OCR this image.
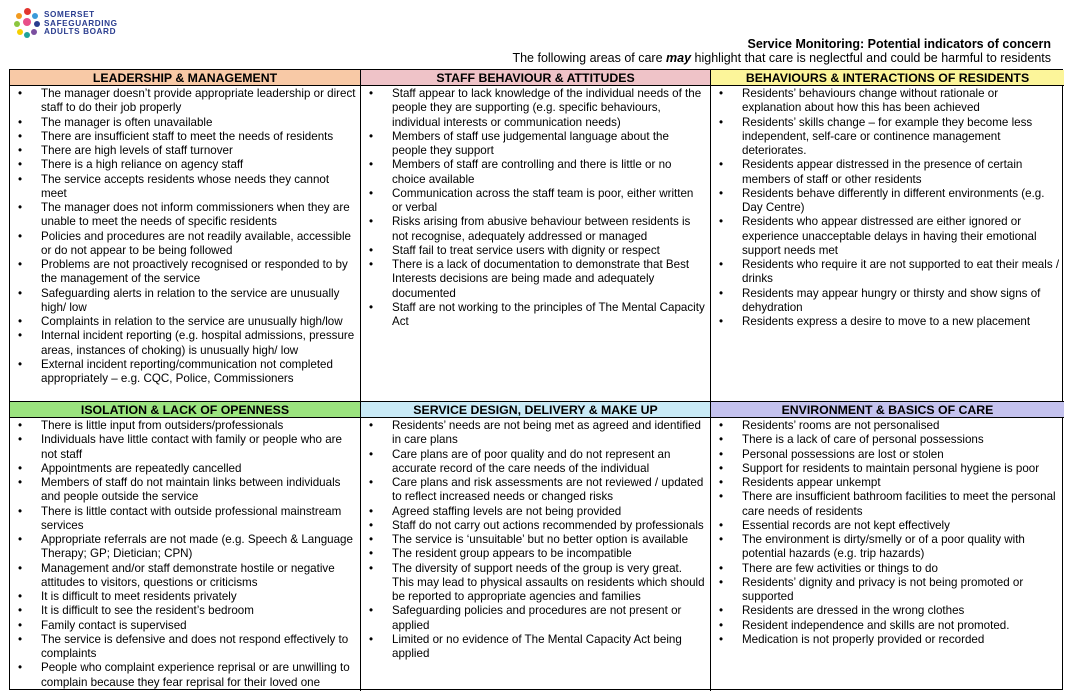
SOMERSET
SAFEGUARDING
ADULTS BOARD
Service Monitoring: Potential indicators of concern
The following areas of care may highlight that care is neglectful and could be harmful to residents
LEADERSHIP & MANAGEMENT
• The manager doesn’t provide appropriate leadership or direct staff to do their job properly
• The manager is often unavailable
• There are insufficient staff to meet the needs of residents
• There are high levels of staff turnover
• There is a high reliance on agency staff
• The service accepts residents whose needs they cannot meet
• The manager does not inform commissioners when they are unable to meet the needs of specific residents
• Policies and procedures are not readily available, accessible or do not appear to be being followed
• Problems are not proactively recognised or responded to by the management of the service
• Safeguarding alerts in relation to the service are unusually high/ low
• Complaints in relation to the service are unusually high/low
• Internal incident reporting (e.g. hospital admissions, pressure areas, instances of choking) is unusually high/ low
• External incident reporting/communication not completed appropriately – e.g. CQC, Police, Commissioners
STAFF BEHAVIOUR & ATTITUDES
• Staff appear to lack knowledge of the individual needs of the people they are supporting (e.g. specific behaviours, individual interests or communication needs)
• Members of staff use judgemental language about the people they support
• Members of staff are controlling and there is little or no choice available
• Communication across the staff team is poor, either written or verbal
• Risks arising from abusive behaviour between residents is not recognise, adequately addressed or managed
• Staff fail to treat service users with dignity or respect
• There is a lack of documentation to demonstrate that Best Interests decisions are being made and adequately documented
• Staff are not working to the principles of The Mental Capacity Act
BEHAVIOURS & INTERACTIONS OF RESIDENTS
• Residents’ behaviours change without rationale or explanation about how this has been achieved
• Residents’ skills change – for example they become less independent, self-care or continence management deteriorates.
• Residents appear distressed in the presence of certain members of staff or other residents
• Residents behave differently in different environments (e.g. Day Centre)
• Residents who appear distressed are either ignored or experience unacceptable delays in having their emotional support needs met
• Residents who require it are not supported to eat their meals / drinks
• Residents may appear hungry or thirsty and show signs of dehydration
• Residents express a desire to move to a new placement
ISOLATION & LACK OF OPENNESS
• There is little input from outsiders/professionals
• Individuals have little contact with family or people who are not staff
• Appointments are repeatedly cancelled
• Members of staff do not maintain links between individuals and people outside the service
• There is little contact with outside professional mainstream services
• Appropriate referrals are not made (e.g. Speech & Language Therapy; GP; Dietician; CPN)
• Management and/or staff demonstrate hostile or negative attitudes to visitors, questions or criticisms
• It is difficult to meet residents privately
• It is difficult to see the resident’s bedroom
• Family contact is supervised
• The service is defensive and does not respond effectively to complaints
• People who complaint experience reprisal or are unwilling to complain because they fear reprisal for their loved one
SERVICE DESIGN, DELIVERY & MAKE UP
• Residents’ needs are not being met as agreed and identified in care plans
• Care plans are of poor quality and do not represent an accurate record of the care needs of the individual
• Care plans and risk assessments are not reviewed / updated to reflect increased needs or changed risks
• Agreed staffing levels are not being provided
• Staff do not carry out actions recommended by professionals
• The service is ‘unsuitable’ but no better option is available
• The resident group appears to be incompatible
• The diversity of support needs of the group is very great. This may lead to physical assaults on residents which should be reported to appropriate agencies and families
• Safeguarding policies and procedures are not present or applied
• Limited or no evidence of The Mental Capacity Act being applied
ENVIRONMENT & BASICS OF CARE
• Residents’ rooms are not personalised
• There is a lack of care of personal possessions
• Personal possessions are lost or stolen
• Support for residents to maintain personal hygiene is poor
• Residents appear unkempt
• There are insufficient bathroom facilities to meet the personal care needs of residents
• Essential records are not kept effectively
• The environment is dirty/smelly or of a poor quality with potential hazards (e.g. trip hazards)
• There are few activities or things to do
• Residents’ dignity and privacy is not being promoted or supported
• Residents are dressed in the wrong clothes
• Resident independence and skills are not promoted.
• Medication is not properly provided or recorded
